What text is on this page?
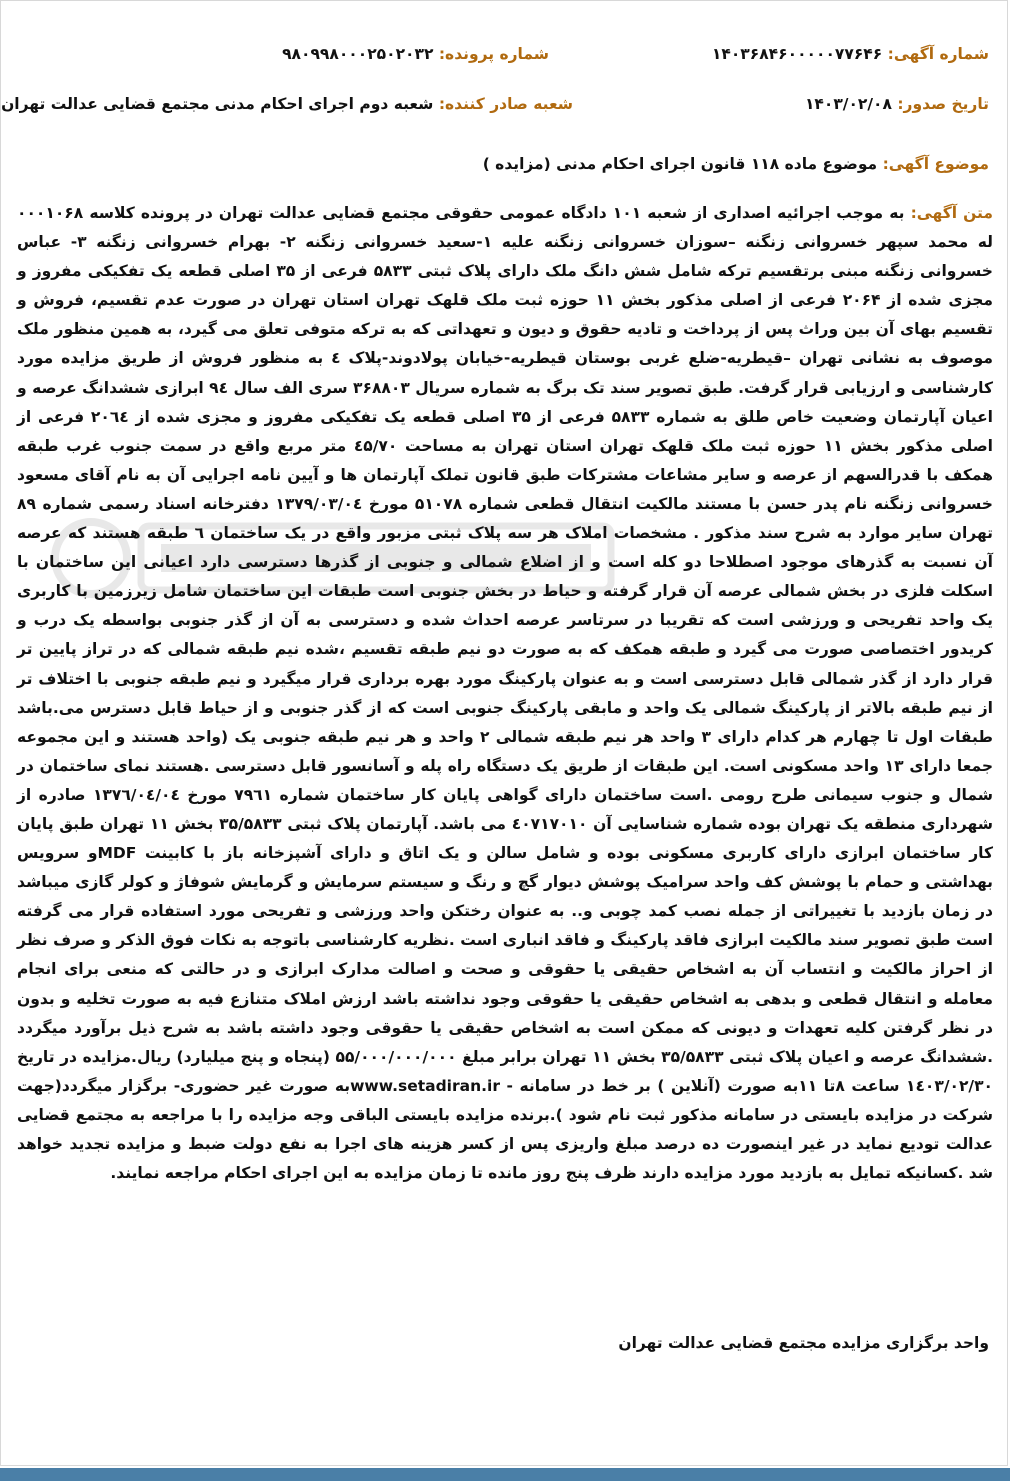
شماره آگهی: ۱۴۰۳۶۸۴۶۰۰۰۰۰۷۷۶۴۶
شماره پرونده: ۹۸۰۹۹۸۰۰۰۲۵۰۲۰۳۲
تاریخ صدور: ۱۴۰۳/۰۲/۰۸
شعبه صادر کننده: شعبه دوم اجرای احکام مدنی مجتمع قضایی عدالت تهران
موضوع آگهی: موضوع ماده ۱۱۸ قانون اجرای احکام مدنی (مزایده )
متن آگهی: به موجب اجرائیه اصداری از شعبه ۱۰۱ دادگاه عمومی حقوقی مجتمع قضایی عدالت تهران در پرونده کلاسه ۰۰۰۱۰۶۸ له محمد سپهر خسروانی زنگنه –سوزان خسروانی زنگنه علیه ۱-سعید خسروانی زنگنه ۲- بهرام خسروانی زنگنه ۳- عباس خسروانی زنگنه مبنی برتقسیم ترکه شامل شش دانگ ملک دارای پلاک ثبتی ۵۸۳۳ فرعی از ۳۵ اصلی قطعه یک تفکیکی مفروز و مجزی شده از ۲۰۶۴ فرعی از اصلی مذکور بخش ۱۱ حوزه ثبت ملک قلهک تهران استان تهران در صورت عدم تقسیم، فروش و تقسیم بهای آن بین وراث پس از پرداخت و تادیه حقوق و دیون و تعهداتی که به ترکه متوفی تعلق می گیرد، به همین منظور ملک موصوف به نشانی تهران –قیطریه-ضلع غربی بوستان قیطریه-خیابان پولادوند-پلاک ٤ به منظور فروش از طریق مزایده مورد کارشناسی و ارزیابی قرار گرفت. طبق تصویر سند تک برگ به شماره سریال ۳۶۸۸۰۳ سری الف سال ۹٤ ابرازی ششدانگ عرصه و اعیان آپارتمان وضعیت خاص طلق به شماره ۵۸۳۳ فرعی از ۳۵ اصلی قطعه یک تفکیکی مفروز و مجزی شده از ۲۰٦٤ فرعی از اصلی مذکور بخش ۱۱ حوزه ثبت ملک قلهک تهران استان تهران به مساحت ٤۵/۷۰ متر مربع واقع در سمت جنوب غرب طبقه همکف با قدرالسهم از عرصه و سایر مشاعات مشترکات طبق قانون تملک آپارتمان ها و آیین نامه اجرایی آن به نام آقای مسعود خسروانی زنگنه نام پدر حسن با مستند مالکیت انتقال قطعی شماره ۵۱۰۷۸ مورخ ۱۳۷۹/۰۳/۰٤ دفترخانه اسناد رسمی شماره ۸۹ تهران سایر موارد به شرح سند مذکور . مشخصات املاک هر سه پلاک ثبتی مزبور واقع در یک ساختمان ٦ طبقه هستند که عرصه آن نسبت به گذرهای موجود اصطلاحا دو کله است و از اضلاع شمالی و جنوبی از گذرها دسترسی دارد اعیانی این ساختمان با اسکلت فلزی در بخش شمالی عرصه آن قرار گرفته و حیاط در بخش جنوبی است طبقات این ساختمان شامل زیرزمین با کاربری یک واحد تفریحی و ورزشی است که تقریبا در سرتاسر عرصه احداث شده و دسترسی به آن از گذر جنوبی بواسطه یک درب و کریدور اختصاصی صورت می گیرد و طبقه همکف که به صورت دو نیم طبقه تقسیم ،شده نیم طبقه شمالی که در تراز پایین تر قرار دارد از گذر شمالی قابل دسترسی است و به عنوان پارکینگ مورد بهره برداری قرار میگیرد و نیم طبقه جنوبی با اختلاف تر از نیم طبقه بالاتر از پارکینگ شمالی یک واحد و مابقی پارکینگ جنوبی است که از گذر جنوبی و از حیاط قابل دسترس می.باشد طبقات اول تا چهارم هر کدام دارای ۳ واحد هر نیم طبقه شمالی ۲ واحد و هر نیم طبقه جنوبی یک (واحد هستند و این مجموعه جمعا دارای ۱۳ واحد مسکونی است. این طبقات از طریق یک دستگاه راه پله و آسانسور قابل دسترسی .هستند نمای ساختمان در شمال و جنوب سیمانی طرح رومی .است ساختمان دارای گواهی پایان کار ساختمان شماره ۷۹٦۱ مورخ ۱۳۷٦/۰٤/۰٤ صادره از شهرداری منطقه یک تهران بوده شماره شناسایی آن ٤۰۷۱۷۰۱۰ می باشد. آپارتمان پلاک ثبتی ۳۵/۵۸۳۳ بخش ۱۱ تهران طبق پایان کار ساختمان ابرازی دارای کاربری مسکونی بوده و شامل سالن و یک اتاق و دارای آشپزخانه باز با کابینت MDFو سرویس بهداشتی و حمام با پوشش کف واحد سرامیک پوشش دیوار گچ و رنگ و سیستم سرمایش و گرمایش شوفاژ و کولر گازی میباشد در زمان بازدید با تغییراتی از جمله نصب کمد چوبی و.. به عنوان رختکن واحد ورزشی و تفریحی مورد استفاده قرار می گرفته است طبق تصویر سند مالکیت ابرازی فاقد پارکینگ و فاقد انباری است .نظریه کارشناسی باتوجه به نکات فوق الذکر و صرف نظر از احراز مالکیت و انتساب آن به اشخاص حقیقی یا حقوقی و صحت و اصالت مدارک ابرازی و در حالتی که منعی برای انجام معامله و انتقال قطعی و بدهی به اشخاص حقیقی یا حقوقی وجود نداشته باشد ارزش املاک متنازع فیه به صورت تخلیه و بدون در نظر گرفتن کلیه تعهدات و دیونی که ممکن است به اشخاص حقیقی یا حقوقی وجود داشته باشد به شرح ذیل برآورد میگردد .ششدانگ عرصه و اعیان پلاک ثبتی ۳۵/۵۸۳۳ بخش ۱۱ تهران برابر مبلغ ۵۵/۰۰۰/۰۰۰/۰۰۰ (پنجاه و پنج میلیارد) ریال.مزایده در تاریخ ۱٤۰۳/۰۲/۳۰ ساعت ۸تا ۱۱به صورت (آنلاین ) بر خط در سامانه - www.setadiran.irبه صورت غیر حضوری- برگزار میگردد(جهت شرکت در مزایده بایستی در سامانه مذکور ثبت نام شود ).برنده مزایده بایستی الباقی وجه مزایده را با مراجعه به مجتمع قضایی عدالت تودیع نماید در غیر اینصورت ده درصد مبلغ واریزی پس از کسر هزینه های اجرا به نفع دولت ضبط و مزایده تجدید خواهد شد .کسانیکه تمایل به بازدید مورد مزایده دارند ظرف پنج روز مانده تا زمان مزایده به این اجرای احکام مراجعه نمایند.
واحد برگزاری مزایده مجتمع قضایی عدالت تهران
